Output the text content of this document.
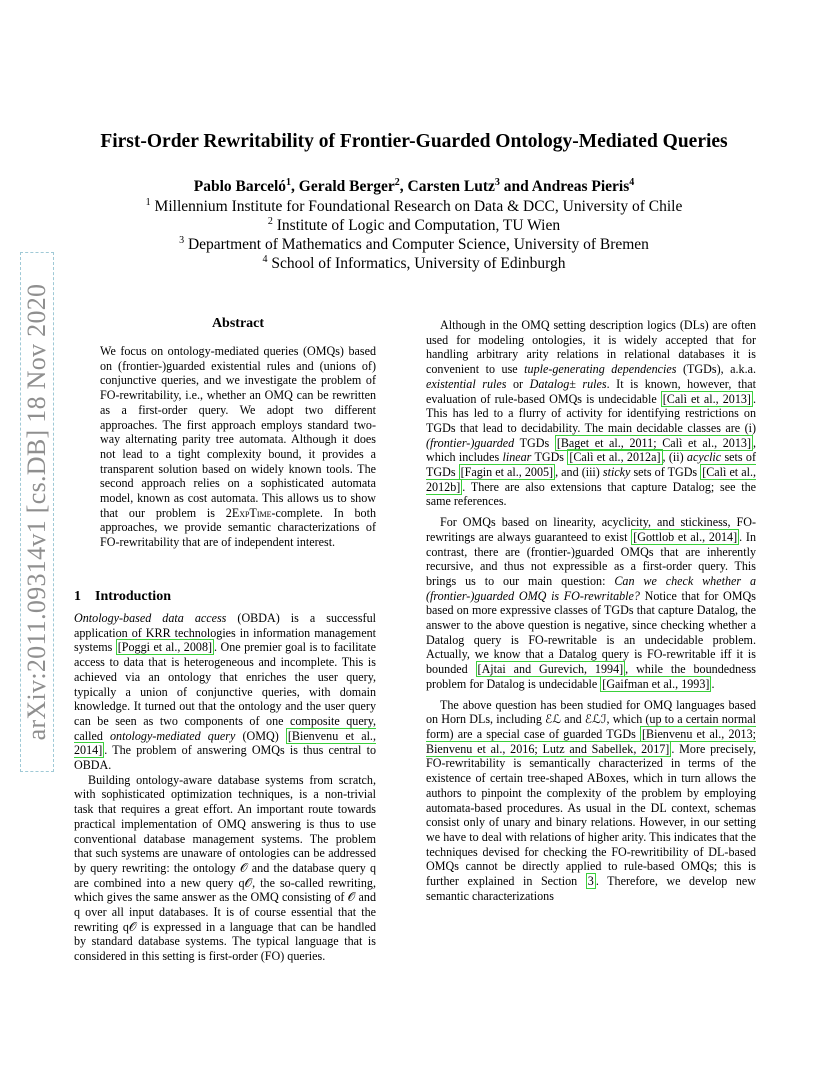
arXiv:2011.09314v1 [cs.DB] 18 Nov 2020
First-Order Rewritability of Frontier-Guarded Ontology-Mediated Queries
Pablo Barceló$^1$, Gerald Berger$^2$, Carsten Lutz$^3$ and Andreas Pieris$^4$
$^1$ Millennium Institute for Foundational Research on Data & DCC, University of Chile
$^2$ Institute of Logic and Computation, TU Wien
$^3$ Department of Mathematics and Computer Science, University of Bremen
$^4$ School of Informatics, University of Edinburgh
Abstract
We focus on ontology-mediated queries (OMQs) based on (frontier-)guarded existential rules and (unions of) conjunctive queries, and we investigate the problem of FO-rewritability, i.e., whether an OMQ can be rewritten as a first-order query. We adopt two different approaches. The first approach employs standard two-way alternating parity tree automata. Although it does not lead to a tight complexity bound, it provides a transparent solution based on widely known tools. The second approach relies on a sophisticated automata model, known as cost automata. This allows us to show that our problem is 2ExpTime-complete. In both approaches, we provide semantic characterizations of FO-rewritability that are of independent interest.
1 Introduction

Ontology-based data access (OBDA) is a successful application of KRR technologies in information management systems [Poggi et al., 2008] . One premier goal is to facilitate access to data that is heterogeneous and incomplete. This is achieved via an ontology that enriches the user query, typically a union of conjunctive queries, with domain knowledge. It turned out that the ontology and the user query can be seen as two components of one composite query, called ontology-mediated query (OMQ) [Bienvenu et al., 2014] . The problem of answering OMQs is thus central to OBDA.

Building ontology-aware database systems from scratch, with sophisticated optimization techniques, is a non-trivial task that requires a great effort. An important route towards practical implementation of OMQ answering is thus to use conventional database management systems. The problem that such systems are unaware of ontologies can be addressed by query rewriting: the ontology 𝒪 and the database query q are combined into a new query q𝒪, the so-called rewriting, which gives the same answer as the OMQ consisting of 𝒪 and q over all input databases. It is of course essential that the rewriting q𝒪 is expressed in a language that can be handled by standard database systems. The typical language that is considered in this setting is first-order (FO) queries.

Although in the OMQ setting description logics (DLs) are often used for modeling ontologies, it is widely accepted that for handling arbitrary arity relations in relational databases it is convenient to use tuple-generating dependencies (TGDs), a.k.a. existential rules or Datalog± rules. It is known, however, that evaluation of rule-based OMQs is undecidable [Calì et al., 2013] . This has led to a flurry of activity for identifying restrictions on TGDs that lead to decidability. The main decidable classes are (i) (frontier-)guarded TGDs [Baget et al., 2011; Calì et al., 2013] , which includes linear TGDs [Calì et al., 2012a] , (ii) acyclic sets of TGDs [Fagin et al., 2005] , and (iii) sticky sets of TGDs [Calì et al., 2012b] . There are also extensions that capture Datalog; see the same references.

For OMQs based on linearity, acyclicity, and stickiness, FO-rewritings are always guaranteed to exist [Gottlob et al., 2014] . In contrast, there are (frontier-)guarded OMQs that are inherently recursive, and thus not expressible as a first-order query. This brings us to our main question: Can we check whether a (frontier-)guarded OMQ is FO-rewritable? Notice that for OMQs based on more expressive classes of TGDs that capture Datalog, the answer to the above question is negative, since checking whether a Datalog query is FO-rewritable is an undecidable problem. Actually, we know that a Datalog query is FO-rewritable iff it is bounded [Ajtai and Gurevich, 1994] , while the boundedness problem for Datalog is undecidable [Gaifman et al., 1993] .

The above question has been studied for OMQ languages based on Horn DLs, including ℰℒ and ℰℒℐ, which (up to a certain normal form) are a special case of guarded TGDs [Bienvenu et al., 2013; Bienvenu et al., 2016; Lutz and Sabellek, 2017] . More precisely, FO-rewritability is semantically characterized in terms of the existence of certain tree-shaped ABoxes, which in turn allows the authors to pinpoint the complexity of the problem by employing automata-based procedures. As usual in the DL context, schemas consist only of unary and binary relations. However, in our setting we have to deal with relations of higher arity. This indicates that the techniques devised for checking the FO-rewritibility of DL-based OMQs cannot be directly applied to rule-based OMQs; this is further explained in Section 3 . Therefore, we develop new semantic characterizations
